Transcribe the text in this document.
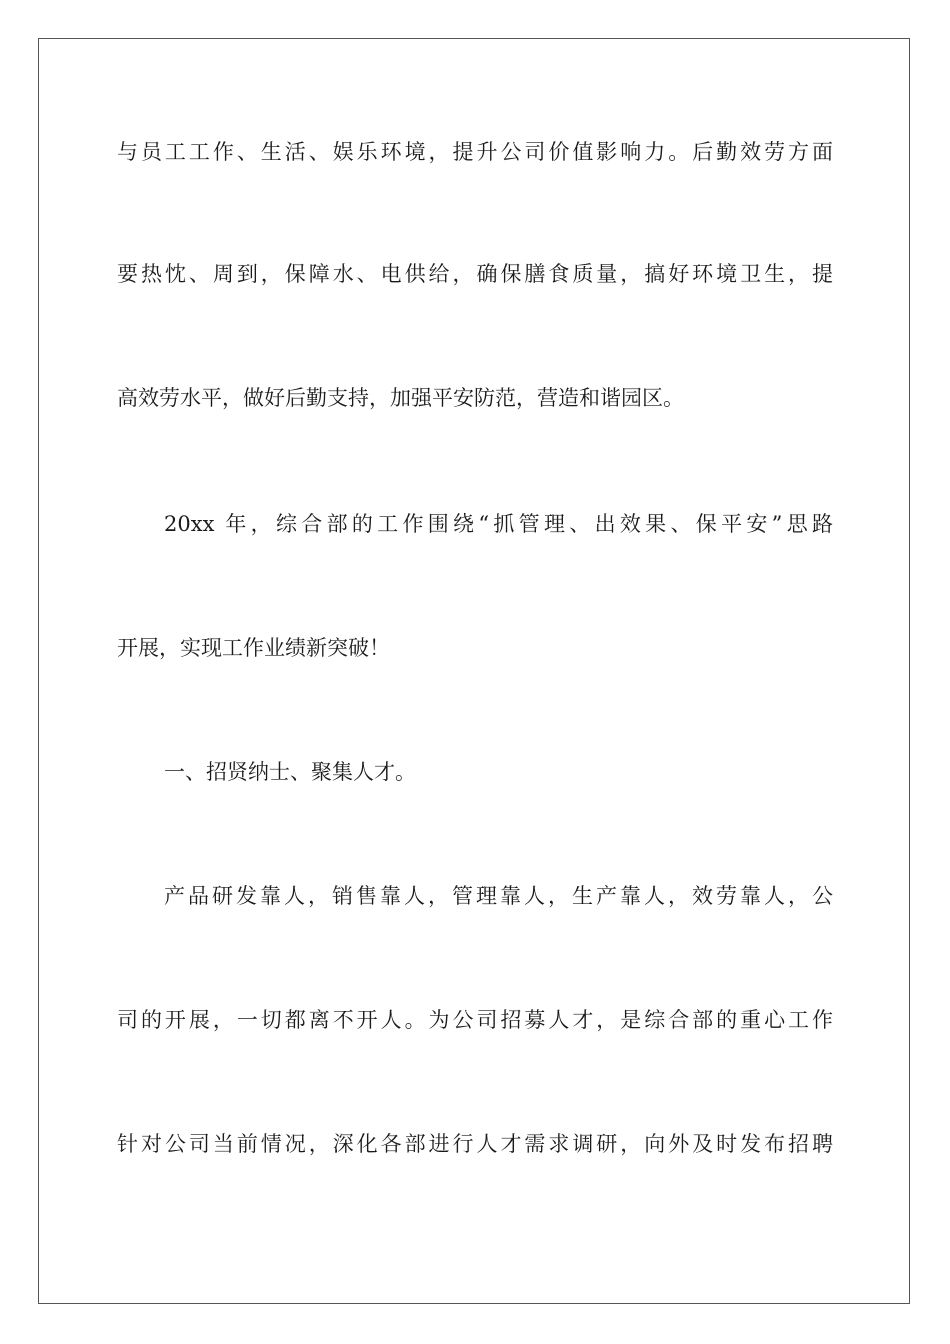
与员工工作、生活、娱乐环境，提升公司价值影响力。后勤效劳方面
要热忱、周到，保障水、电供给，确保膳食质量，搞好环境卫生，提
高效劳水平，做好后勤支持，加强平安防范，营造和谐园区。
20xx 年，综合部的工作围绕“抓管理、出效果、保平安”思路
开展，实现工作业绩新突破！
一、招贤纳士、聚集人才。
产品研发靠人，销售靠人，管理靠人，生产靠人，效劳靠人，公
司的开展，一切都离不开人。为公司招募人才，是综合部的重心工作
针对公司当前情况，深化各部进行人才需求调研，向外及时发布招聘
